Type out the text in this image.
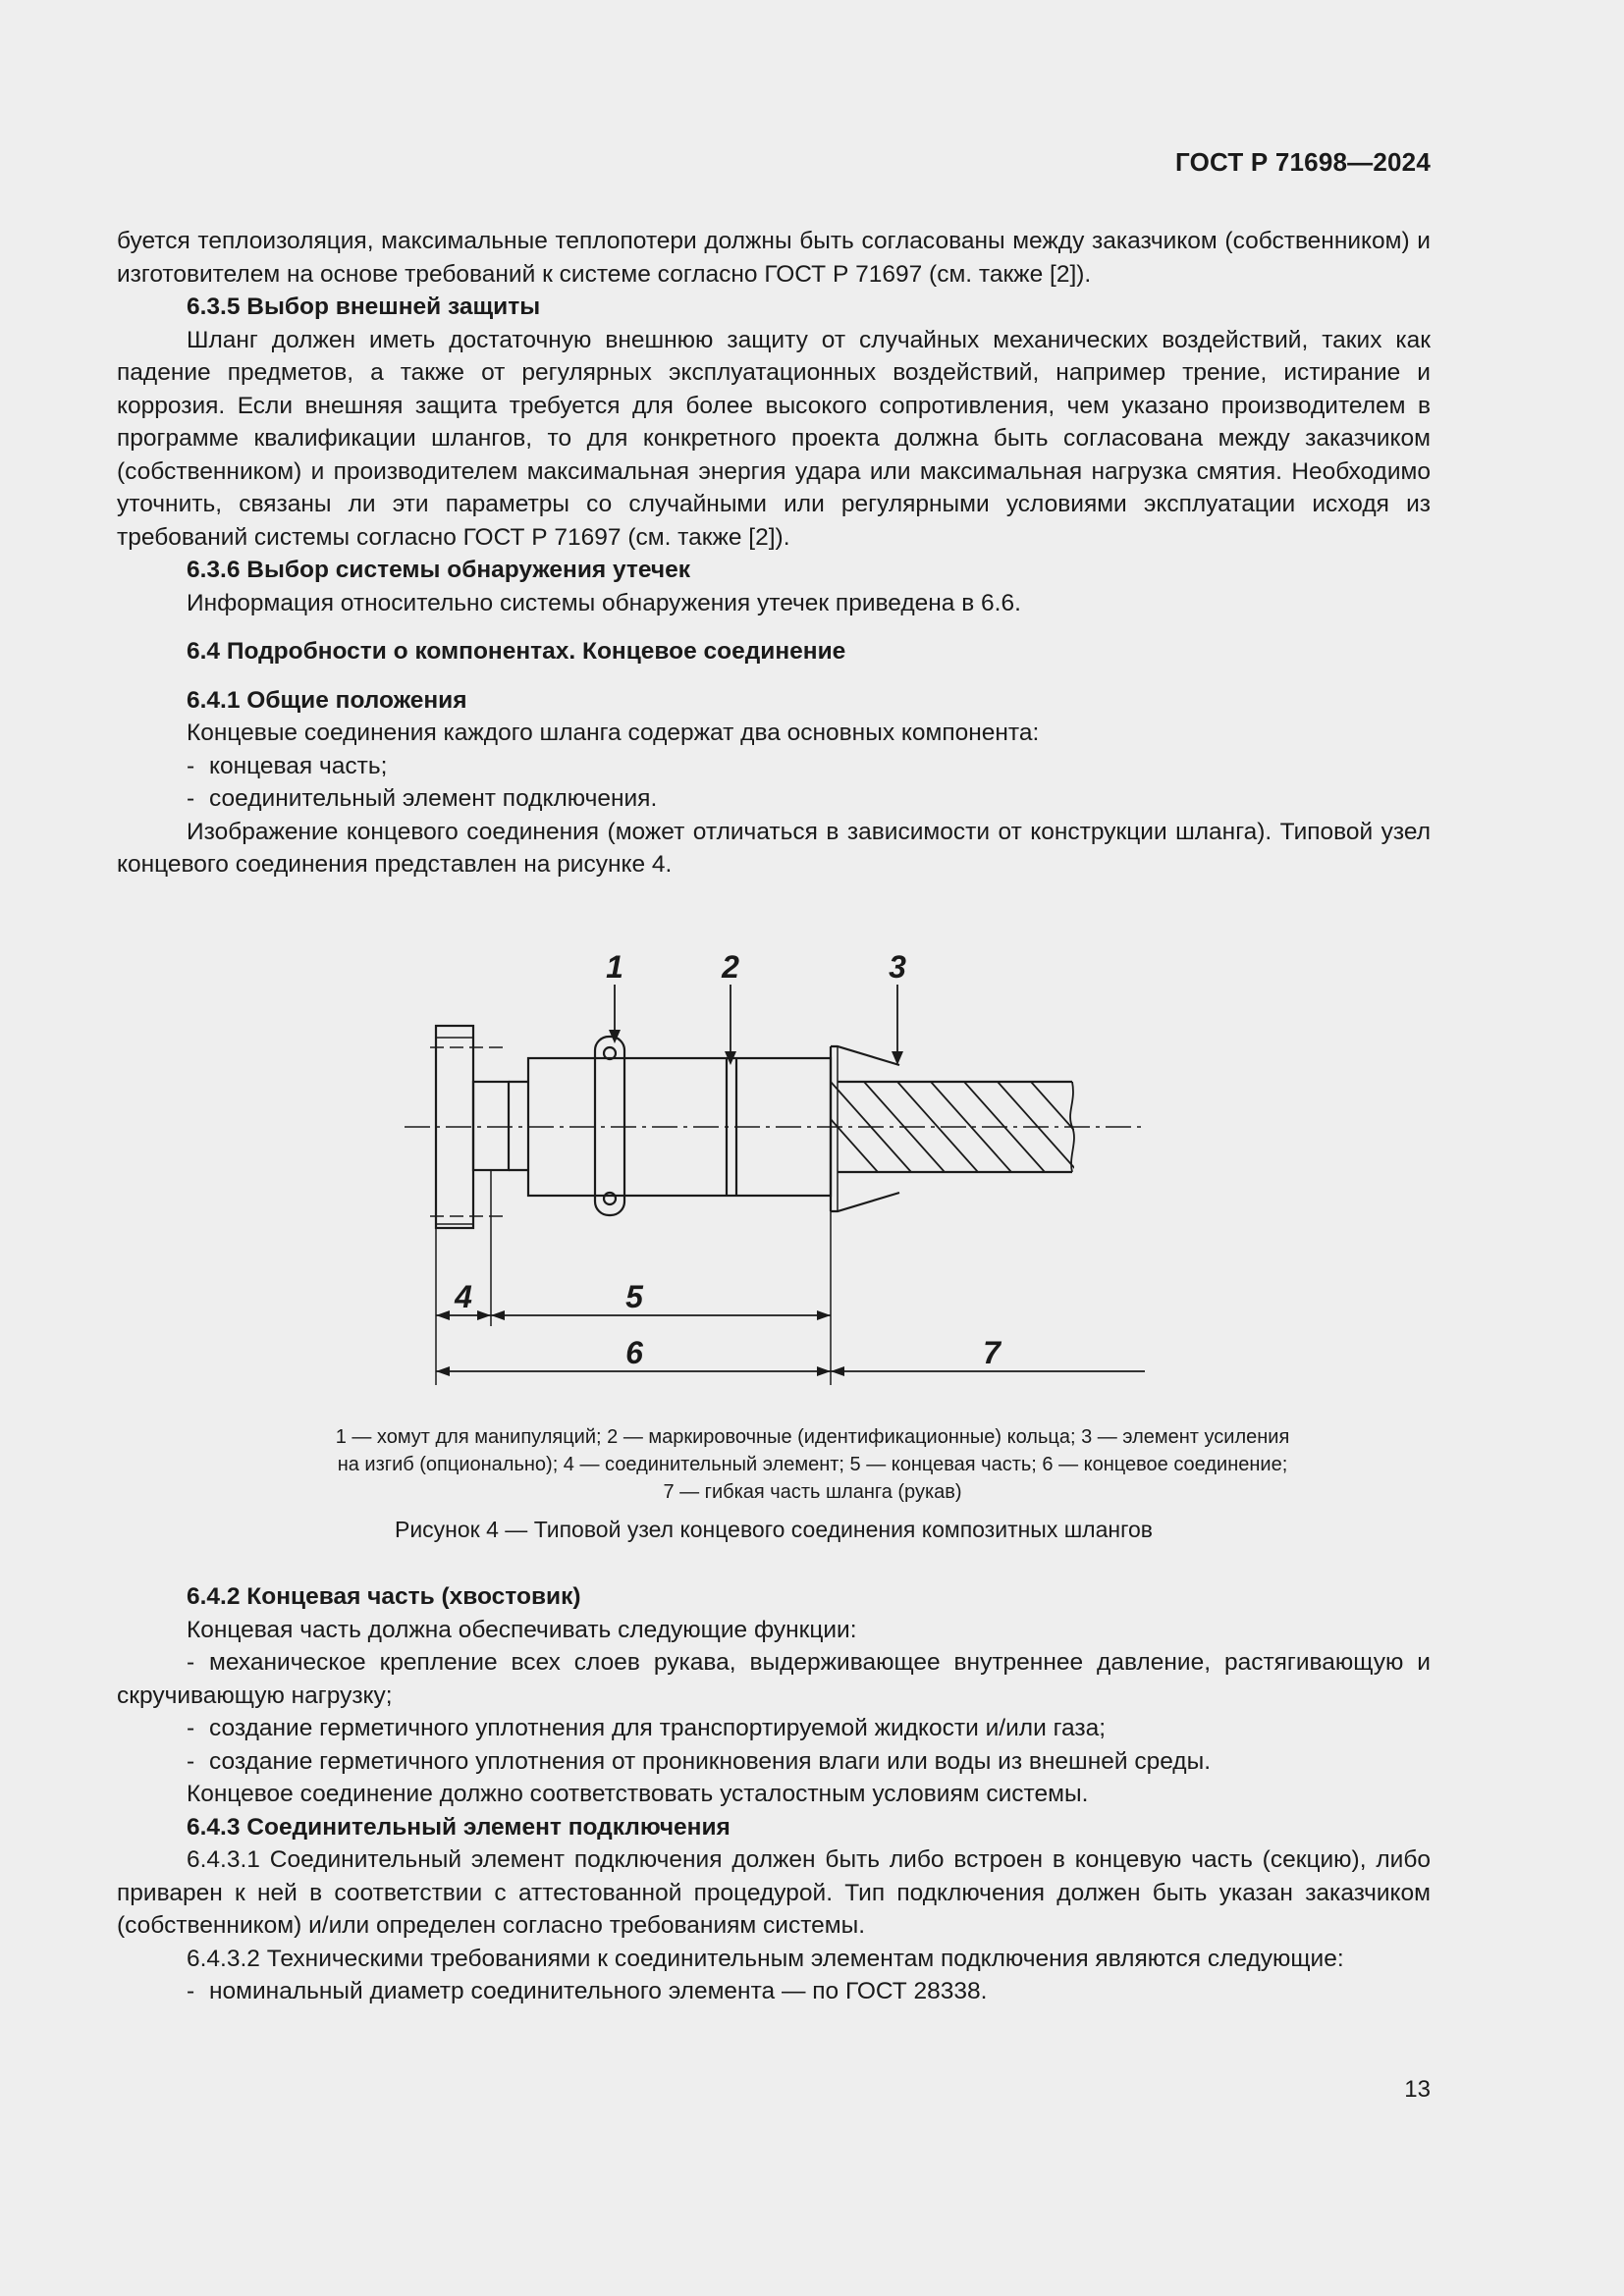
ГОСТ Р 71698—2024

буется теплоизоляция, максимальные теплопотери должны быть согласованы между заказчиком (собственником) и изготовителем на основе требований к системе согласно ГОСТ Р 71697 (см. также [2]).

6.3.5 Выбор внешней защиты

Шланг должен иметь достаточную внешнюю защиту от случайных механических воздействий, таких как падение предметов, а также от регулярных эксплуатационных воздействий, например трение, истирание и коррозия. Если внешняя защита требуется для более высокого сопротивления, чем указано производителем в программе квалификации шлангов, то для конкретного проекта должна быть согласована между заказчиком (собственником) и производителем максимальная энергия удара или максимальная нагрузка смятия. Необходимо уточнить, связаны ли эти параметры со случайными или регулярными условиями эксплуатации исходя из требований системы согласно ГОСТ Р 71697 (см. также [2]).

6.3.6 Выбор системы обнаружения утечек

Информация относительно системы обнаружения утечек приведена в 6.6.

6.4 Подробности о компонентах. Концевое соединение

6.4.1 Общие положения

Концевые соединения каждого шланга содержат два основных компонента:

- концевая часть;

- соединительный элемент подключения.

Изображение концевого соединения (может отличаться в зависимости от конструкции шланга). Типовой узел концевого соединения представлен на рисунке 4.

1	2	3
4	5
6	7
1 — хомут для манипуляций; 2 — маркировочные (идентификационные) кольца; 3 — элемент усиления
на изгиб (опционально); 4 — соединительный элемент; 5 — концевая часть; 6 — концевое соединение;
7 — гибкая часть шланга (рукав)
Рисунок 4 — Типовой узел концевого соединения композитных шлангов

6.4.2 Концевая часть (хвостовик)

Концевая часть должна обеспечивать следующие функции:

- механическое крепление всех слоев рукава, выдерживающее внутреннее давление, растягивающую и скручивающую нагрузку;

- создание герметичного уплотнения для транспортируемой жидкости и/или газа;

- создание герметичного уплотнения от проникновения влаги или воды из внешней среды.

Концевое соединение должно соответствовать усталостным условиям системы.

6.4.3 Соединительный элемент подключения

6.4.3.1 Соединительный элемент подключения должен быть либо встроен в концевую часть (секцию), либо приварен к ней в соответствии с аттестованной процедурой. Тип подключения должен быть указан заказчиком (собственником) и/или определен согласно требованиям системы.

6.4.3.2 Техническими требованиями к соединительным элементам подключения являются следующие:

- номинальный диаметр соединительного элемента — по ГОСТ 28338.

13
